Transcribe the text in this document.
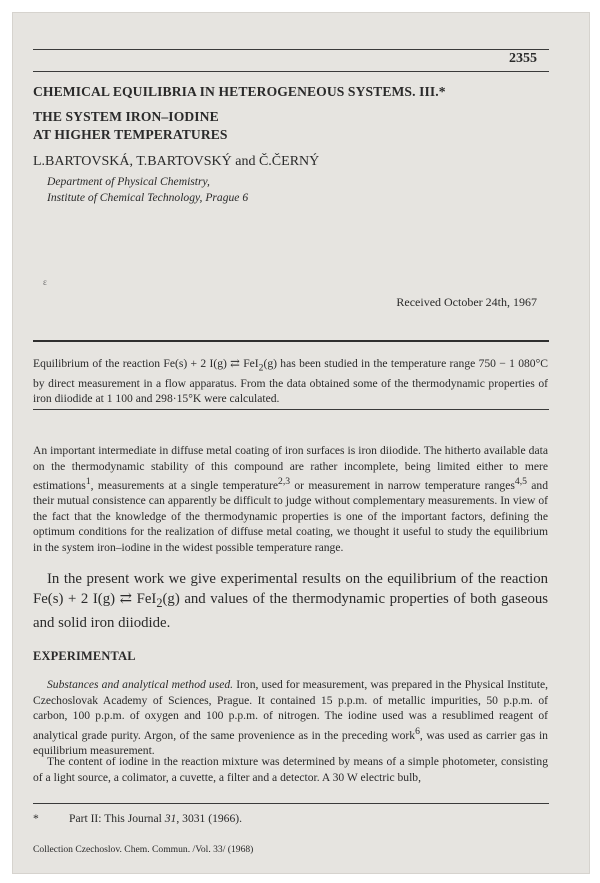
2355
CHEMICAL EQUILIBRIA IN HETEROGENEOUS SYSTEMS. III.*
THE SYSTEM IRON–IODINE
AT HIGHER TEMPERATURES
L.BARTOVSKÁ, T.BARTOVSKÝ and Č.ČERNÝ
Department of Physical Chemistry,
Institute of Chemical Technology, Prague 6
ε
Received October 24th, 1967
Equilibrium of the reaction Fe(s) + 2 I(g) ⇄ FeI$_2$(g) has been studied in the temperature range 750 − 1 080°C by direct measurement in a flow apparatus. From the data obtained some of the thermodynamic properties of iron diiodide at 1 100 and 298·15°K were calculated.
An important intermediate in diffuse metal coating of iron surfaces is iron diiodide. The hitherto available data on the thermodynamic stability of this compound are rather incomplete, being limited either to mere estimations$^1$, measurements at a single temperature$^{2,3}$ or measurement in narrow temperature ranges$^{4,5}$ and their mutual consistence can apparently be difficult to judge without complementary measurements. In view of the fact that the knowledge of the thermodynamic properties is one of the important factors, defining the optimum conditions for the realization of diffuse metal coating, we thought it useful to study the equilibrium in the system iron–iodine in the widest possible temperature range.
In the present work we give experimental results on the equilibrium of the reaction Fe(s) + 2 I(g) ⇄ FeI$_2$(g) and values of the thermodynamic properties of both gaseous and solid iron diiodide.
EXPERIMENTAL
Substances and analytical method used. Iron, used for measurement, was prepared in the Physical Institute, Czechoslovak Academy of Sciences, Prague. It contained 15 p.p.m. of metallic impurities, 50 p.p.m. of carbon, 100 p.p.m. of oxygen and 100 p.p.m. of nitrogen. The iodine used was a resublimed reagent of analytical grade purity. Argon, of the same provenience as in the preceding work$^6$, was used as carrier gas in equilibrium measurement.
The content of iodine in the reaction mixture was determined by means of a simple photometer, consisting of a light source, a colimator, a cuvette, a filter and a detector. A 30 W electric bulb,
*	Part II: This Journal 31, 3031 (1966).
Collection Czechoslov. Chem. Commun. /Vol. 33/ (1968)
